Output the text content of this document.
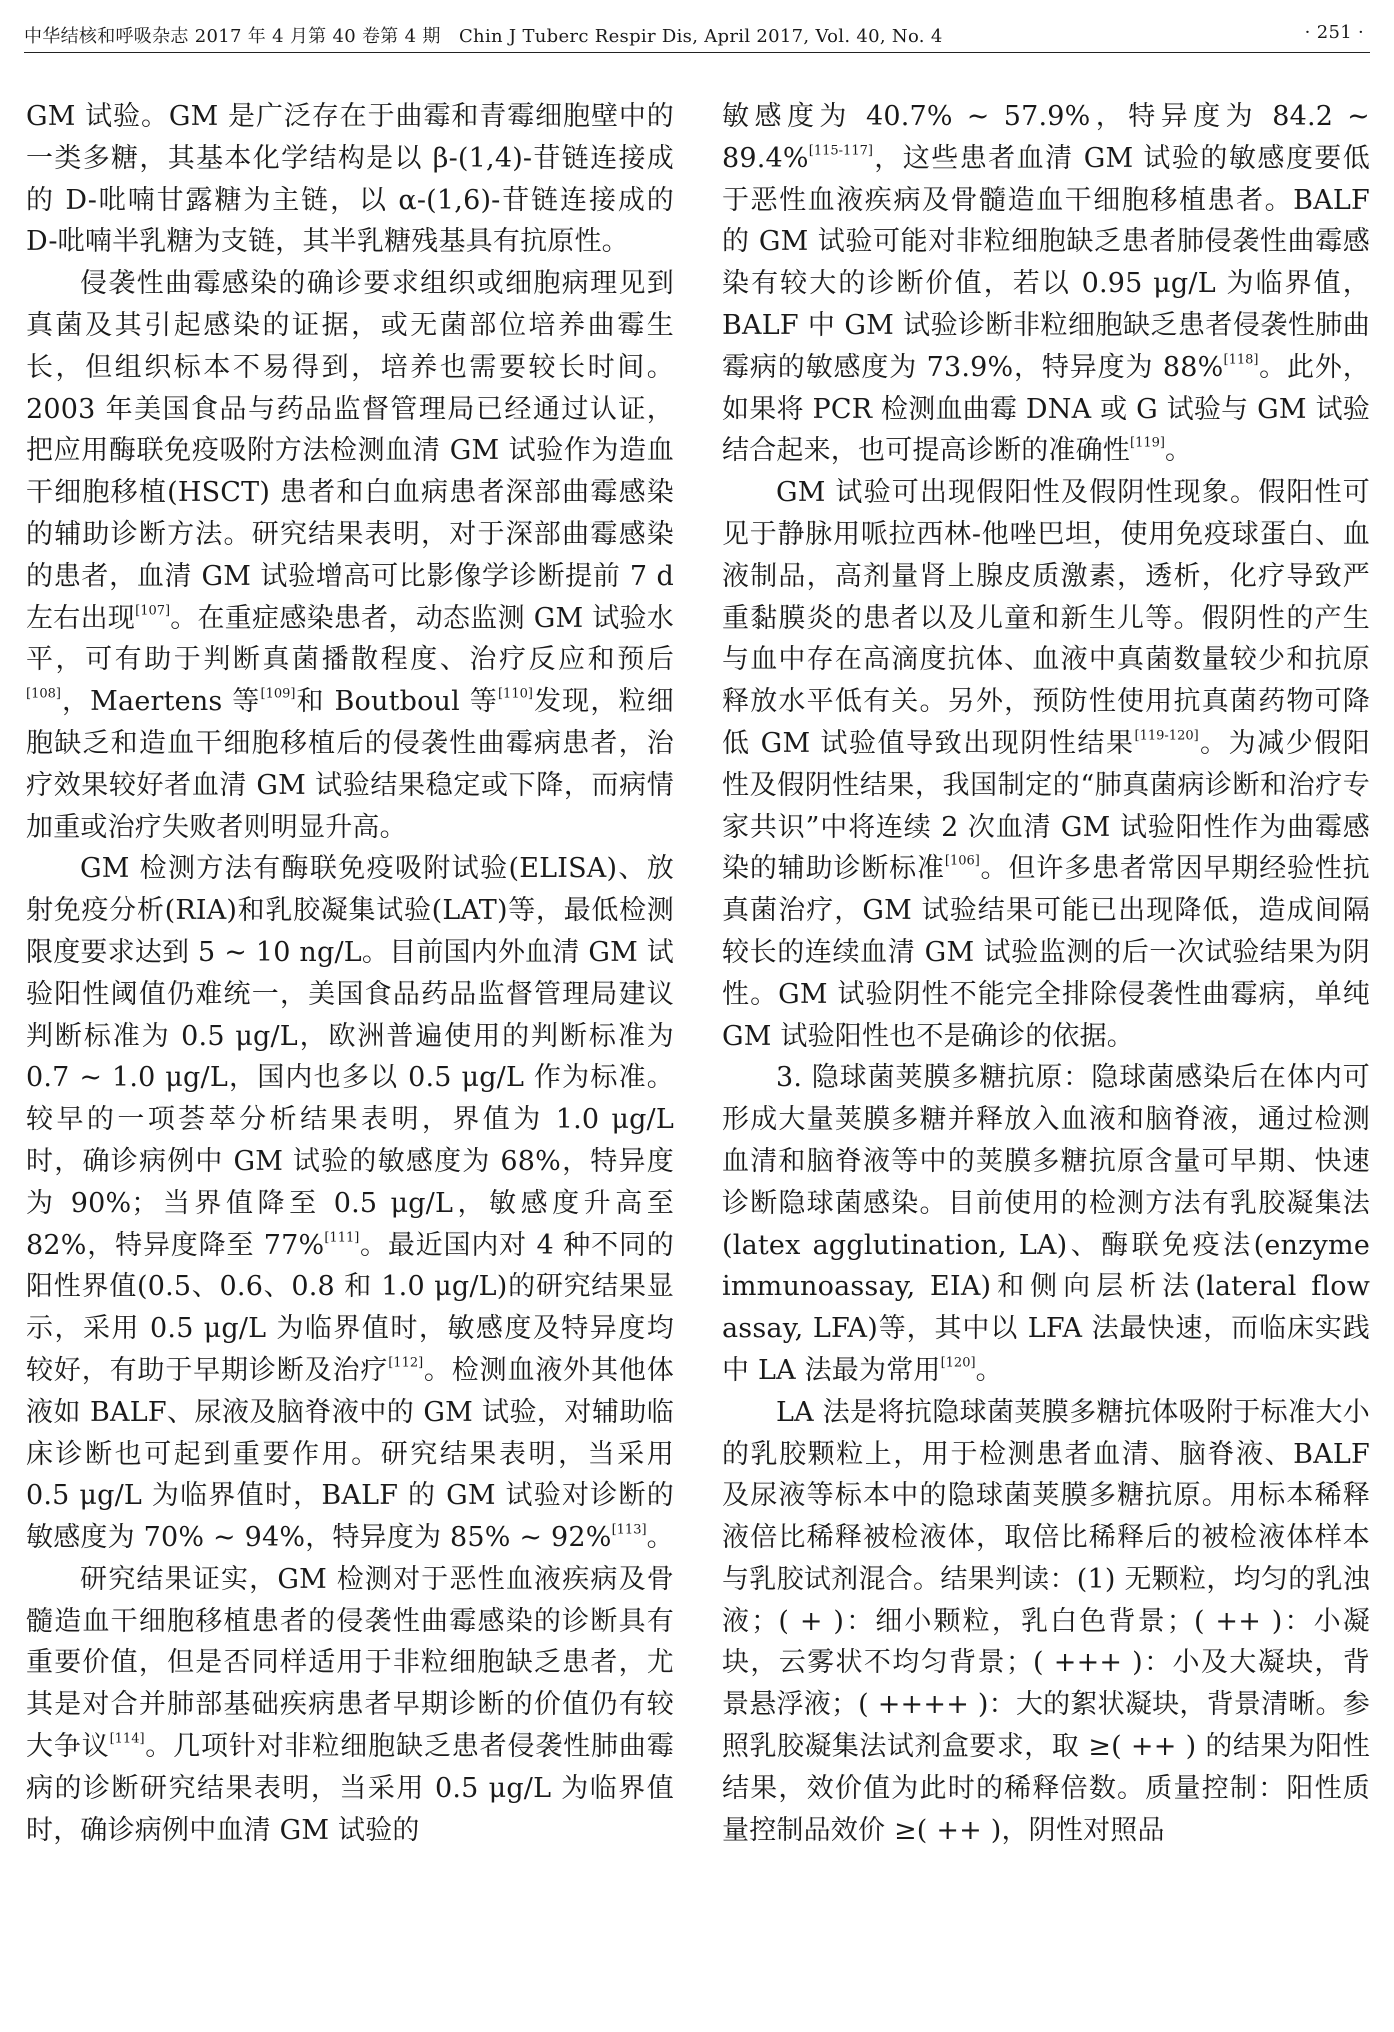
中华结核和呼吸杂志 2017 年 4 月第 40 卷第 4 期　Chin J Tuberc Respir Dis, April 2017, Vol. 40, No. 4	· 251 ·

GM 试验。GM 是广泛存在于曲霉和青霉细胞壁中的一类多糖，其基本化学结构是以 β-(1,4)-苷链连接成的 D-吡喃甘露糖为主链，以 α-(1,6)-苷链连接成的 D-吡喃半乳糖为支链，其半乳糖残基具有抗原性。

侵袭性曲霉感染的确诊要求组织或细胞病理见到真菌及其引起感染的证据，或无菌部位培养曲霉生长，但组织标本不易得到，培养也需要较长时间。2003 年美国食品与药品监督管理局已经通过认证，把应用酶联免疫吸附方法检测血清 GM 试验作为造血干细胞移植(HSCT) 患者和白血病患者深部曲霉感染的辅助诊断方法。研究结果表明，对于深部曲霉感染的患者，血清 GM 试验增高可比影像学诊断提前 7 d 左右出现[107]。在重症感染患者，动态监测 GM 试验水平，可有助于判断真菌播散程度、治疗反应和预后[108]，Maertens 等[109]和 Boutboul 等[110]发现，粒细胞缺乏和造血干细胞移植后的侵袭性曲霉病患者，治疗效果较好者血清 GM 试验结果稳定或下降，而病情加重或治疗失败者则明显升高。

GM 检测方法有酶联免疫吸附试验(ELISA)、放射免疫分析(RIA)和乳胶凝集试验(LAT)等，最低检测限度要求达到 5 ~ 10 ng/L。目前国内外血清 GM 试验阳性阈值仍难统一，美国食品药品监督管理局建议判断标准为 0.5 μg/L，欧洲普遍使用的判断标准为 0.7 ~ 1.0 μg/L，国内也多以 0.5 μg/L 作为标准。较早的一项荟萃分析结果表明，界值为 1.0 μg/L 时，确诊病例中 GM 试验的敏感度为 68%，特异度为 90%；当界值降至 0.5 μg/L，敏感度升高至 82%，特异度降至 77%[111]。最近国内对 4 种不同的阳性界值(0.5、0.6、0.8 和 1.0 μg/L)的研究结果显示，采用 0.5 μg/L 为临界值时，敏感度及特异度均较好，有助于早期诊断及治疗[112]。检测血液外其他体液如 BALF、尿液及脑脊液中的 GM 试验，对辅助临床诊断也可起到重要作用。研究结果表明，当采用 0.5 μg/L 为临界值时，BALF 的 GM 试验对诊断的敏感度为 70% ~ 94%，特异度为 85% ~ 92%[113]。

研究结果证实，GM 检测对于恶性血液疾病及骨髓造血干细胞移植患者的侵袭性曲霉感染的诊断具有重要价值，但是否同样适用于非粒细胞缺乏患者，尤其是对合并肺部基础疾病患者早期诊断的价值仍有较大争议[114]。几项针对非粒细胞缺乏患者侵袭性肺曲霉病的诊断研究结果表明，当采用 0.5 μg/L 为临界值时，确诊病例中血清 GM 试验的

敏感度为 40.7% ~ 57.9%，特异度为 84.2 ~ 89.4%[115-117]，这些患者血清 GM 试验的敏感度要低于恶性血液疾病及骨髓造血干细胞移植患者。BALF 的 GM 试验可能对非粒细胞缺乏患者肺侵袭性曲霉感染有较大的诊断价值，若以 0.95 μg/L 为临界值，BALF 中 GM 试验诊断非粒细胞缺乏患者侵袭性肺曲霉病的敏感度为 73.9%，特异度为 88%[118]。此外，如果将 PCR 检测血曲霉 DNA 或 G 试验与 GM 试验结合起来，也可提高诊断的准确性[119]。

GM 试验可出现假阳性及假阴性现象。假阳性可见于静脉用哌拉西林-他唑巴坦，使用免疫球蛋白、血液制品，高剂量肾上腺皮质激素，透析，化疗导致严重黏膜炎的患者以及儿童和新生儿等。假阴性的产生与血中存在高滴度抗体、血液中真菌数量较少和抗原释放水平低有关。另外，预防性使用抗真菌药物可降低 GM 试验值导致出现阴性结果[119-120]。为减少假阳性及假阴性结果，我国制定的“肺真菌病诊断和治疗专家共识”中将连续 2 次血清 GM 试验阳性作为曲霉感染的辅助诊断标准[106]。但许多患者常因早期经验性抗真菌治疗，GM 试验结果可能已出现降低，造成间隔较长的连续血清 GM 试验监测的后一次试验结果为阴性。GM 试验阴性不能完全排除侵袭性曲霉病，单纯 GM 试验阳性也不是确诊的依据。

3. 隐球菌荚膜多糖抗原：隐球菌感染后在体内可形成大量荚膜多糖并释放入血液和脑脊液，通过检测血清和脑脊液等中的荚膜多糖抗原含量可早期、快速诊断隐球菌感染。目前使用的检测方法有乳胶凝集法(latex agglutination, LA)、酶联免疫法(enzyme immunoassay, EIA)和侧向层析法(lateral flow assay, LFA)等，其中以 LFA 法最快速，而临床实践中 LA 法最为常用[120]。

LA 法是将抗隐球菌荚膜多糖抗体吸附于标准大小的乳胶颗粒上，用于检测患者血清、脑脊液、BALF 及尿液等标本中的隐球菌荚膜多糖抗原。用标本稀释液倍比稀释被检液体，取倍比稀释后的被检液体样本与乳胶试剂混合。结果判读：(1) 无颗粒，均匀的乳浊液；( + )：细小颗粒，乳白色背景；( ++ )：小凝块，云雾状不均匀背景；( +++ )：小及大凝块，背景悬浮液；( ++++ )：大的絮状凝块，背景清晰。参照乳胶凝集法试剂盒要求，取 ≥( ++ ) 的结果为阳性结果，效价值为此时的稀释倍数。质量控制：阳性质量控制品效价 ≥( ++ )，阴性对照品
